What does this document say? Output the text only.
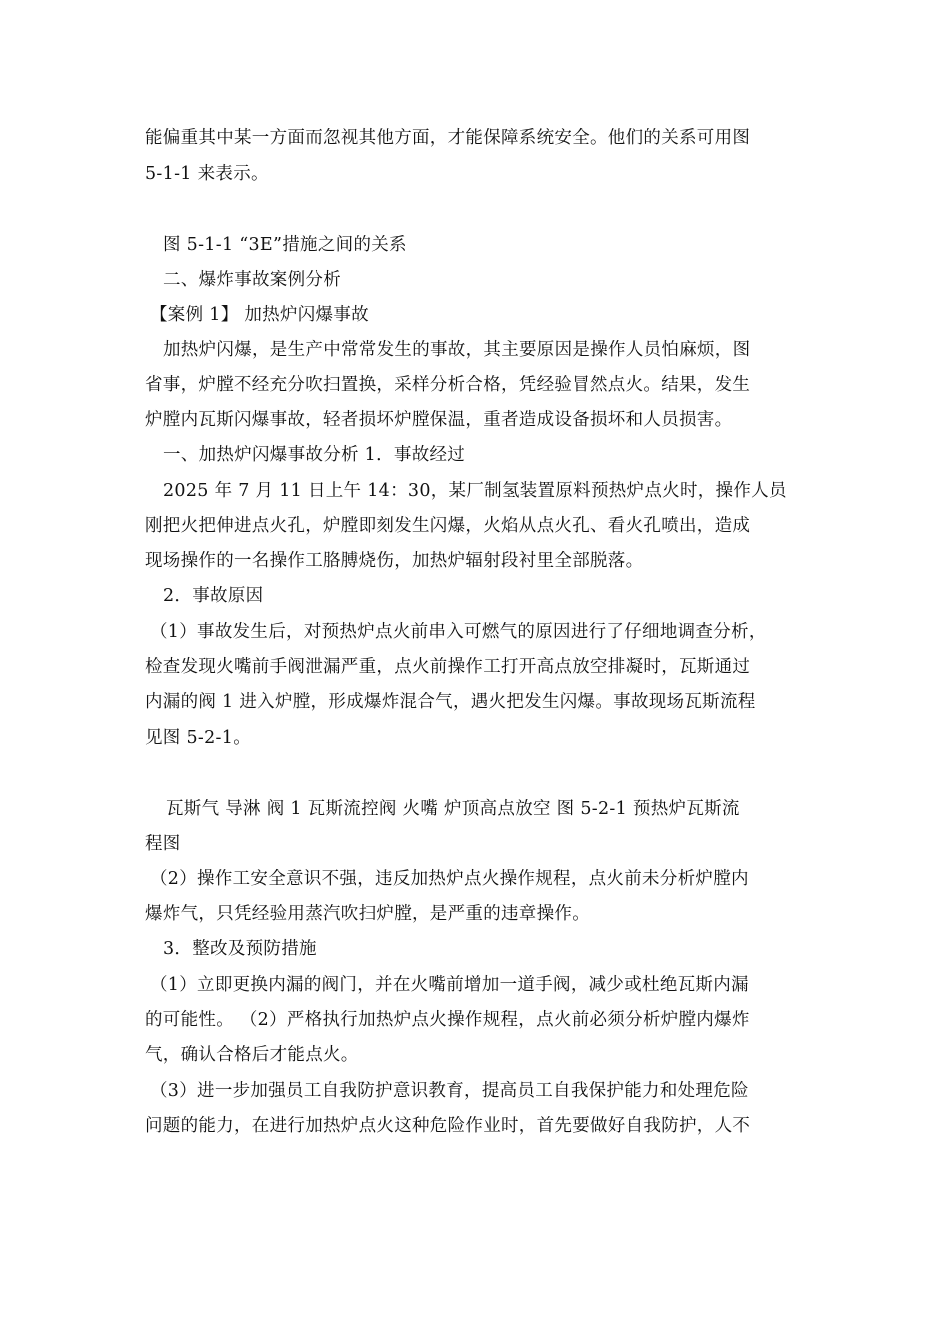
能偏重其中某一方面而忽视其他方面，才能保障系统安全。他们的关系可用图
5-1-1 来表示。
图 5-1-1 “3E”措施之间的关系
二、爆炸事故案例分析
【案例 1】 加热炉闪爆事故
加热炉闪爆，是生产中常常发生的事故，其主要原因是操作人员怕麻烦，图
省事，炉膛不经充分吹扫置换，采样分析合格，凭经验冒然点火。结果，发生
炉膛内瓦斯闪爆事故，轻者损坏炉膛保温，重者造成设备损坏和人员损害。
一、加热炉闪爆事故分析 1．事故经过
2025 年 7 月 11 日上午 14：30，某厂制氢装置原料预热炉点火时，操作人员
刚把火把伸进点火孔，炉膛即刻发生闪爆，火焰从点火孔、看火孔喷出，造成
现场操作的一名操作工胳膊烧伤，加热炉辐射段衬里全部脱落。
2．事故原因
（1）事故发生后，对预热炉点火前串入可燃气的原因进行了仔细地调查分析，
检查发现火嘴前手阀泄漏严重，点火前操作工打开高点放空排凝时，瓦斯通过
内漏的阀 1 进入炉膛，形成爆炸混合气，遇火把发生闪爆。事故现场瓦斯流程
见图 5-2-1。
瓦斯气 导淋 阀 1 瓦斯流控阀 火嘴 炉顶高点放空 图 5-2-1 预热炉瓦斯流
程图
（2）操作工安全意识不强，违反加热炉点火操作规程，点火前未分析炉膛内
爆炸气，只凭经验用蒸汽吹扫炉膛，是严重的违章操作。
3．整改及预防措施
（1）立即更换内漏的阀门，并在火嘴前增加一道手阀，减少或杜绝瓦斯内漏
的可能性。 （2）严格执行加热炉点火操作规程，点火前必须分析炉膛内爆炸
气，确认合格后才能点火。
（3）进一步加强员工自我防护意识教育，提高员工自我保护能力和处理危险
问题的能力，在进行加热炉点火这种危险作业时，首先要做好自我防护，人不
